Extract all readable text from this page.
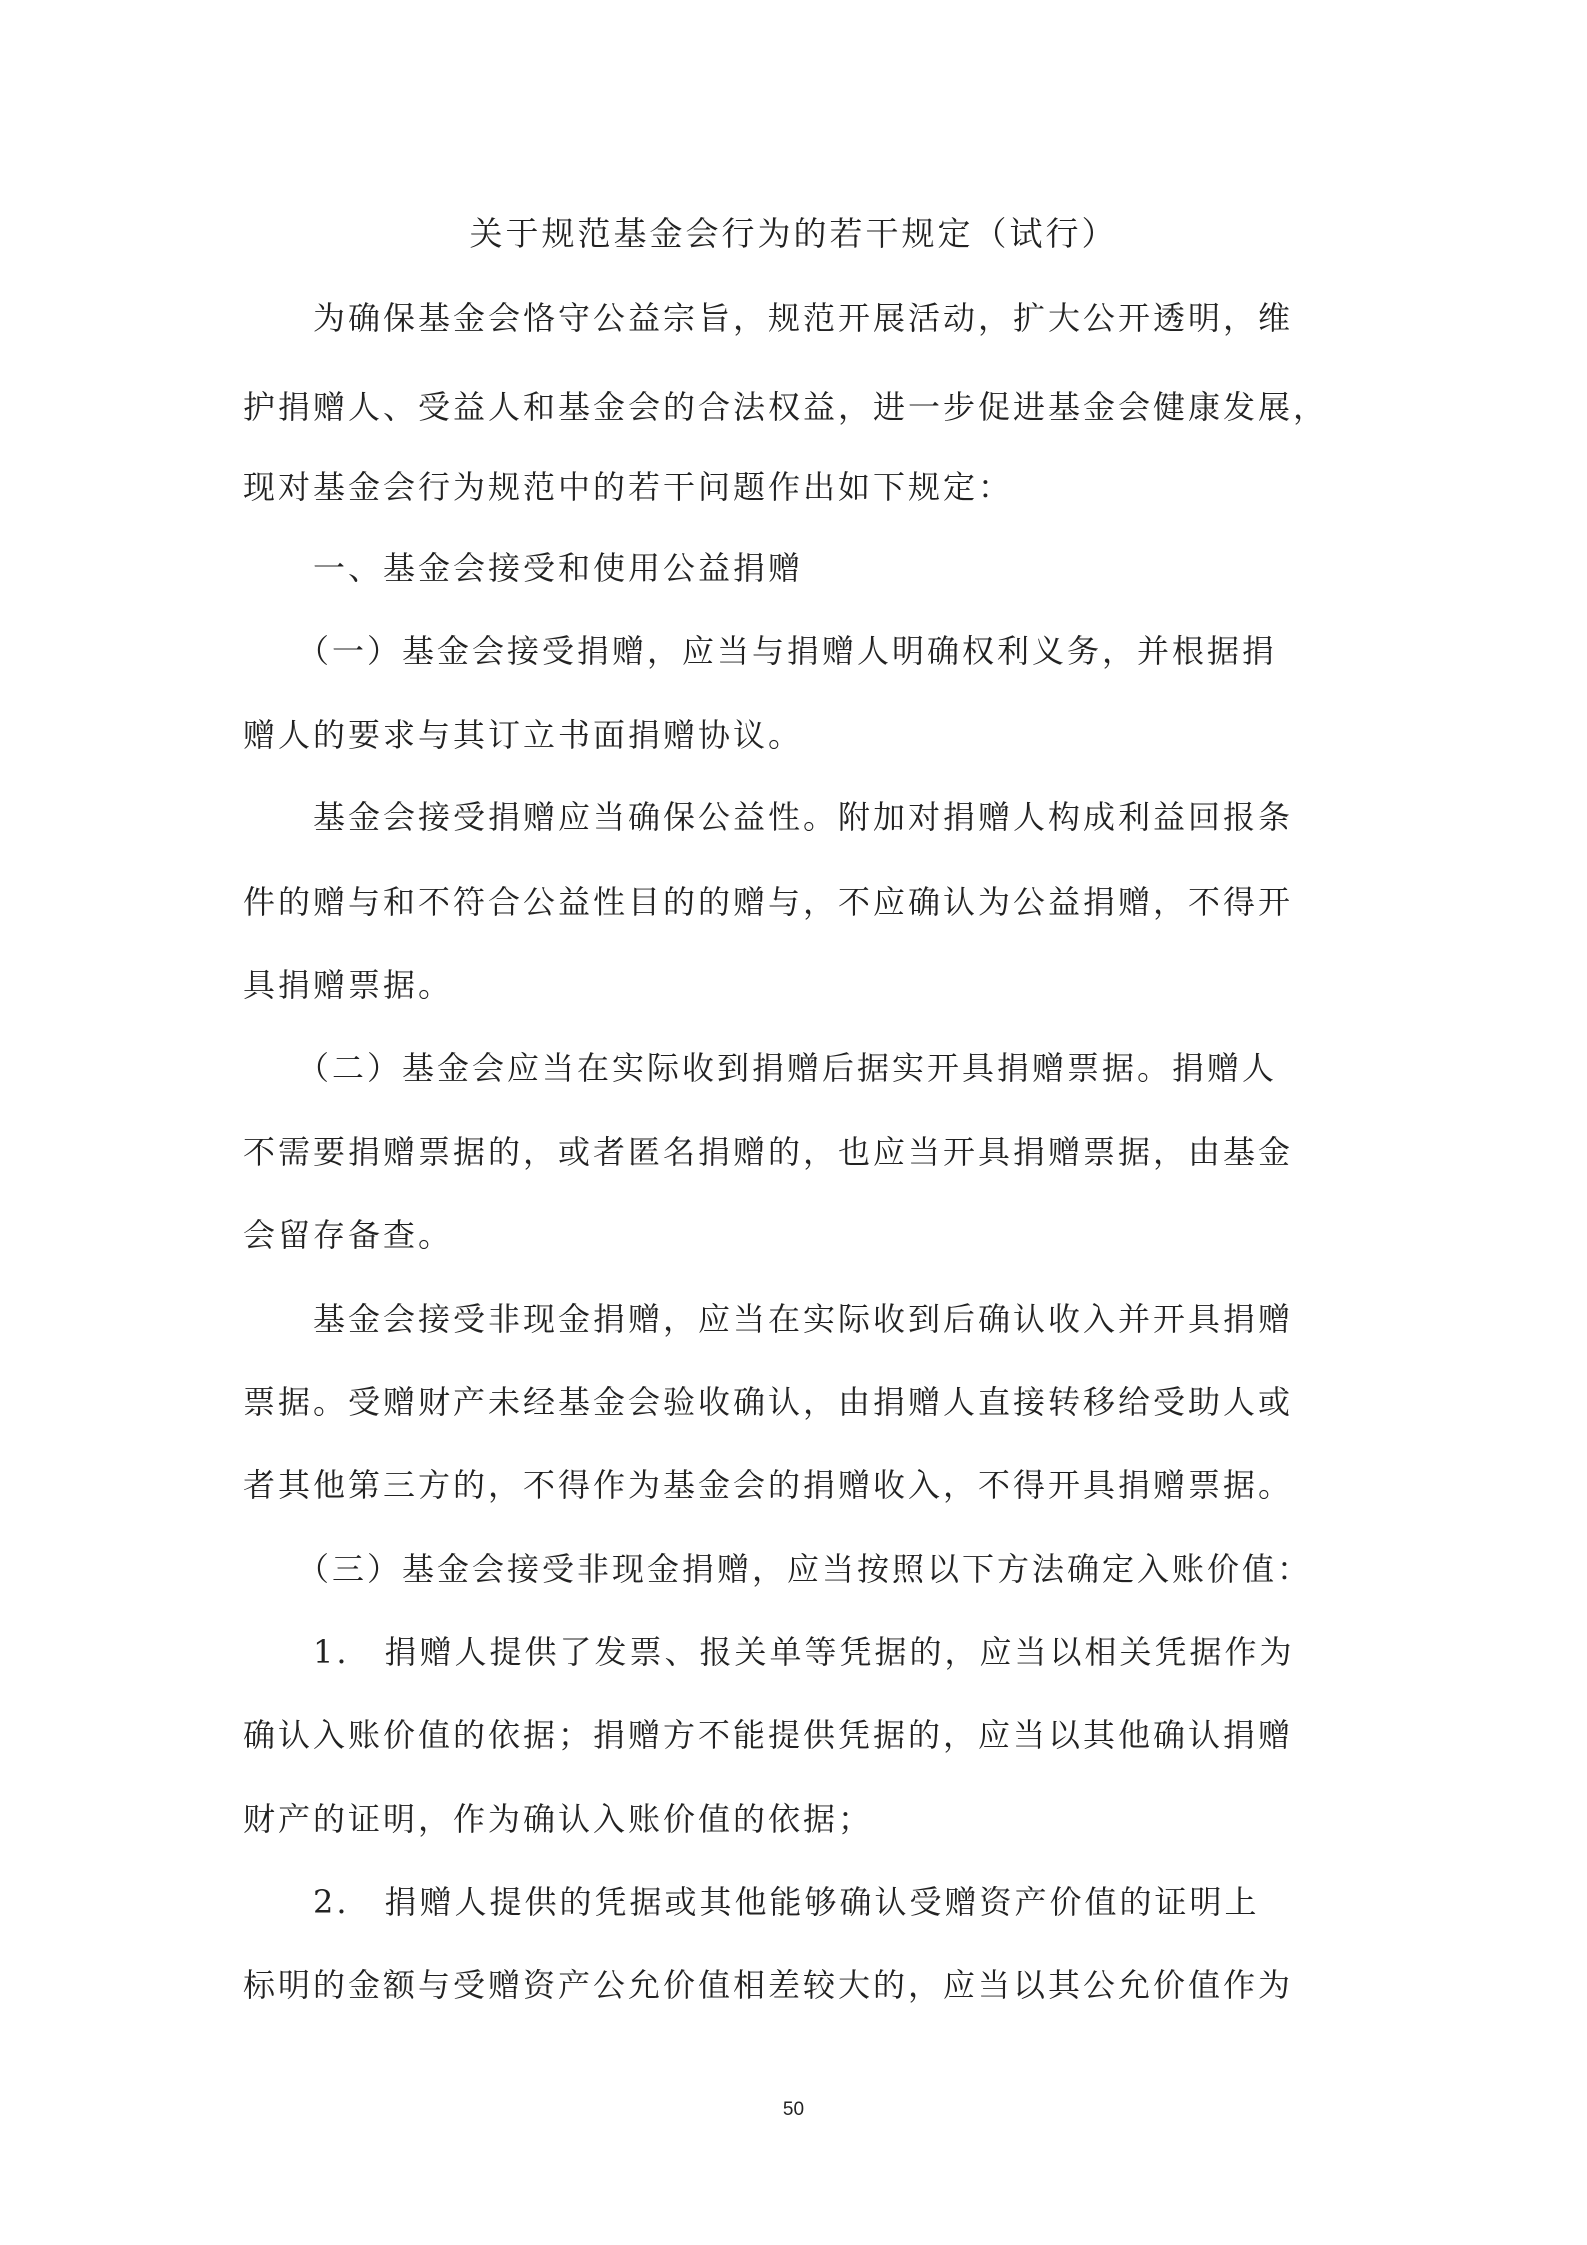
关于规范基金会行为的若干规定（试行）
　　为确保基金会恪守公益宗旨，规范开展活动，扩大公开透明，维
护捐赠人、受益人和基金会的合法权益，进一步促进基金会健康发展，
现对基金会行为规范中的若干问题作出如下规定：
　　一、基金会接受和使用公益捐赠
　　（一）基金会接受捐赠，应当与捐赠人明确权利义务，并根据捐
赠人的要求与其订立书面捐赠协议。
　　基金会接受捐赠应当确保公益性。附加对捐赠人构成利益回报条
件的赠与和不符合公益性目的的赠与，不应确认为公益捐赠，不得开
具捐赠票据。
　　（二）基金会应当在实际收到捐赠后据实开具捐赠票据。捐赠人
不需要捐赠票据的，或者匿名捐赠的，也应当开具捐赠票据，由基金
会留存备查。
　　基金会接受非现金捐赠，应当在实际收到后确认收入并开具捐赠
票据。受赠财产未经基金会验收确认，由捐赠人直接转移给受助人或
者其他第三方的，不得作为基金会的捐赠收入，不得开具捐赠票据。
　　（三）基金会接受非现金捐赠，应当按照以下方法确定入账价值：
　　1.　捐赠人提供了发票、报关单等凭据的，应当以相关凭据作为
确认入账价值的依据；捐赠方不能提供凭据的，应当以其他确认捐赠
财产的证明，作为确认入账价值的依据；
　　2.　捐赠人提供的凭据或其他能够确认受赠资产价值的证明上
标明的金额与受赠资产公允价值相差较大的，应当以其公允价值作为
50
